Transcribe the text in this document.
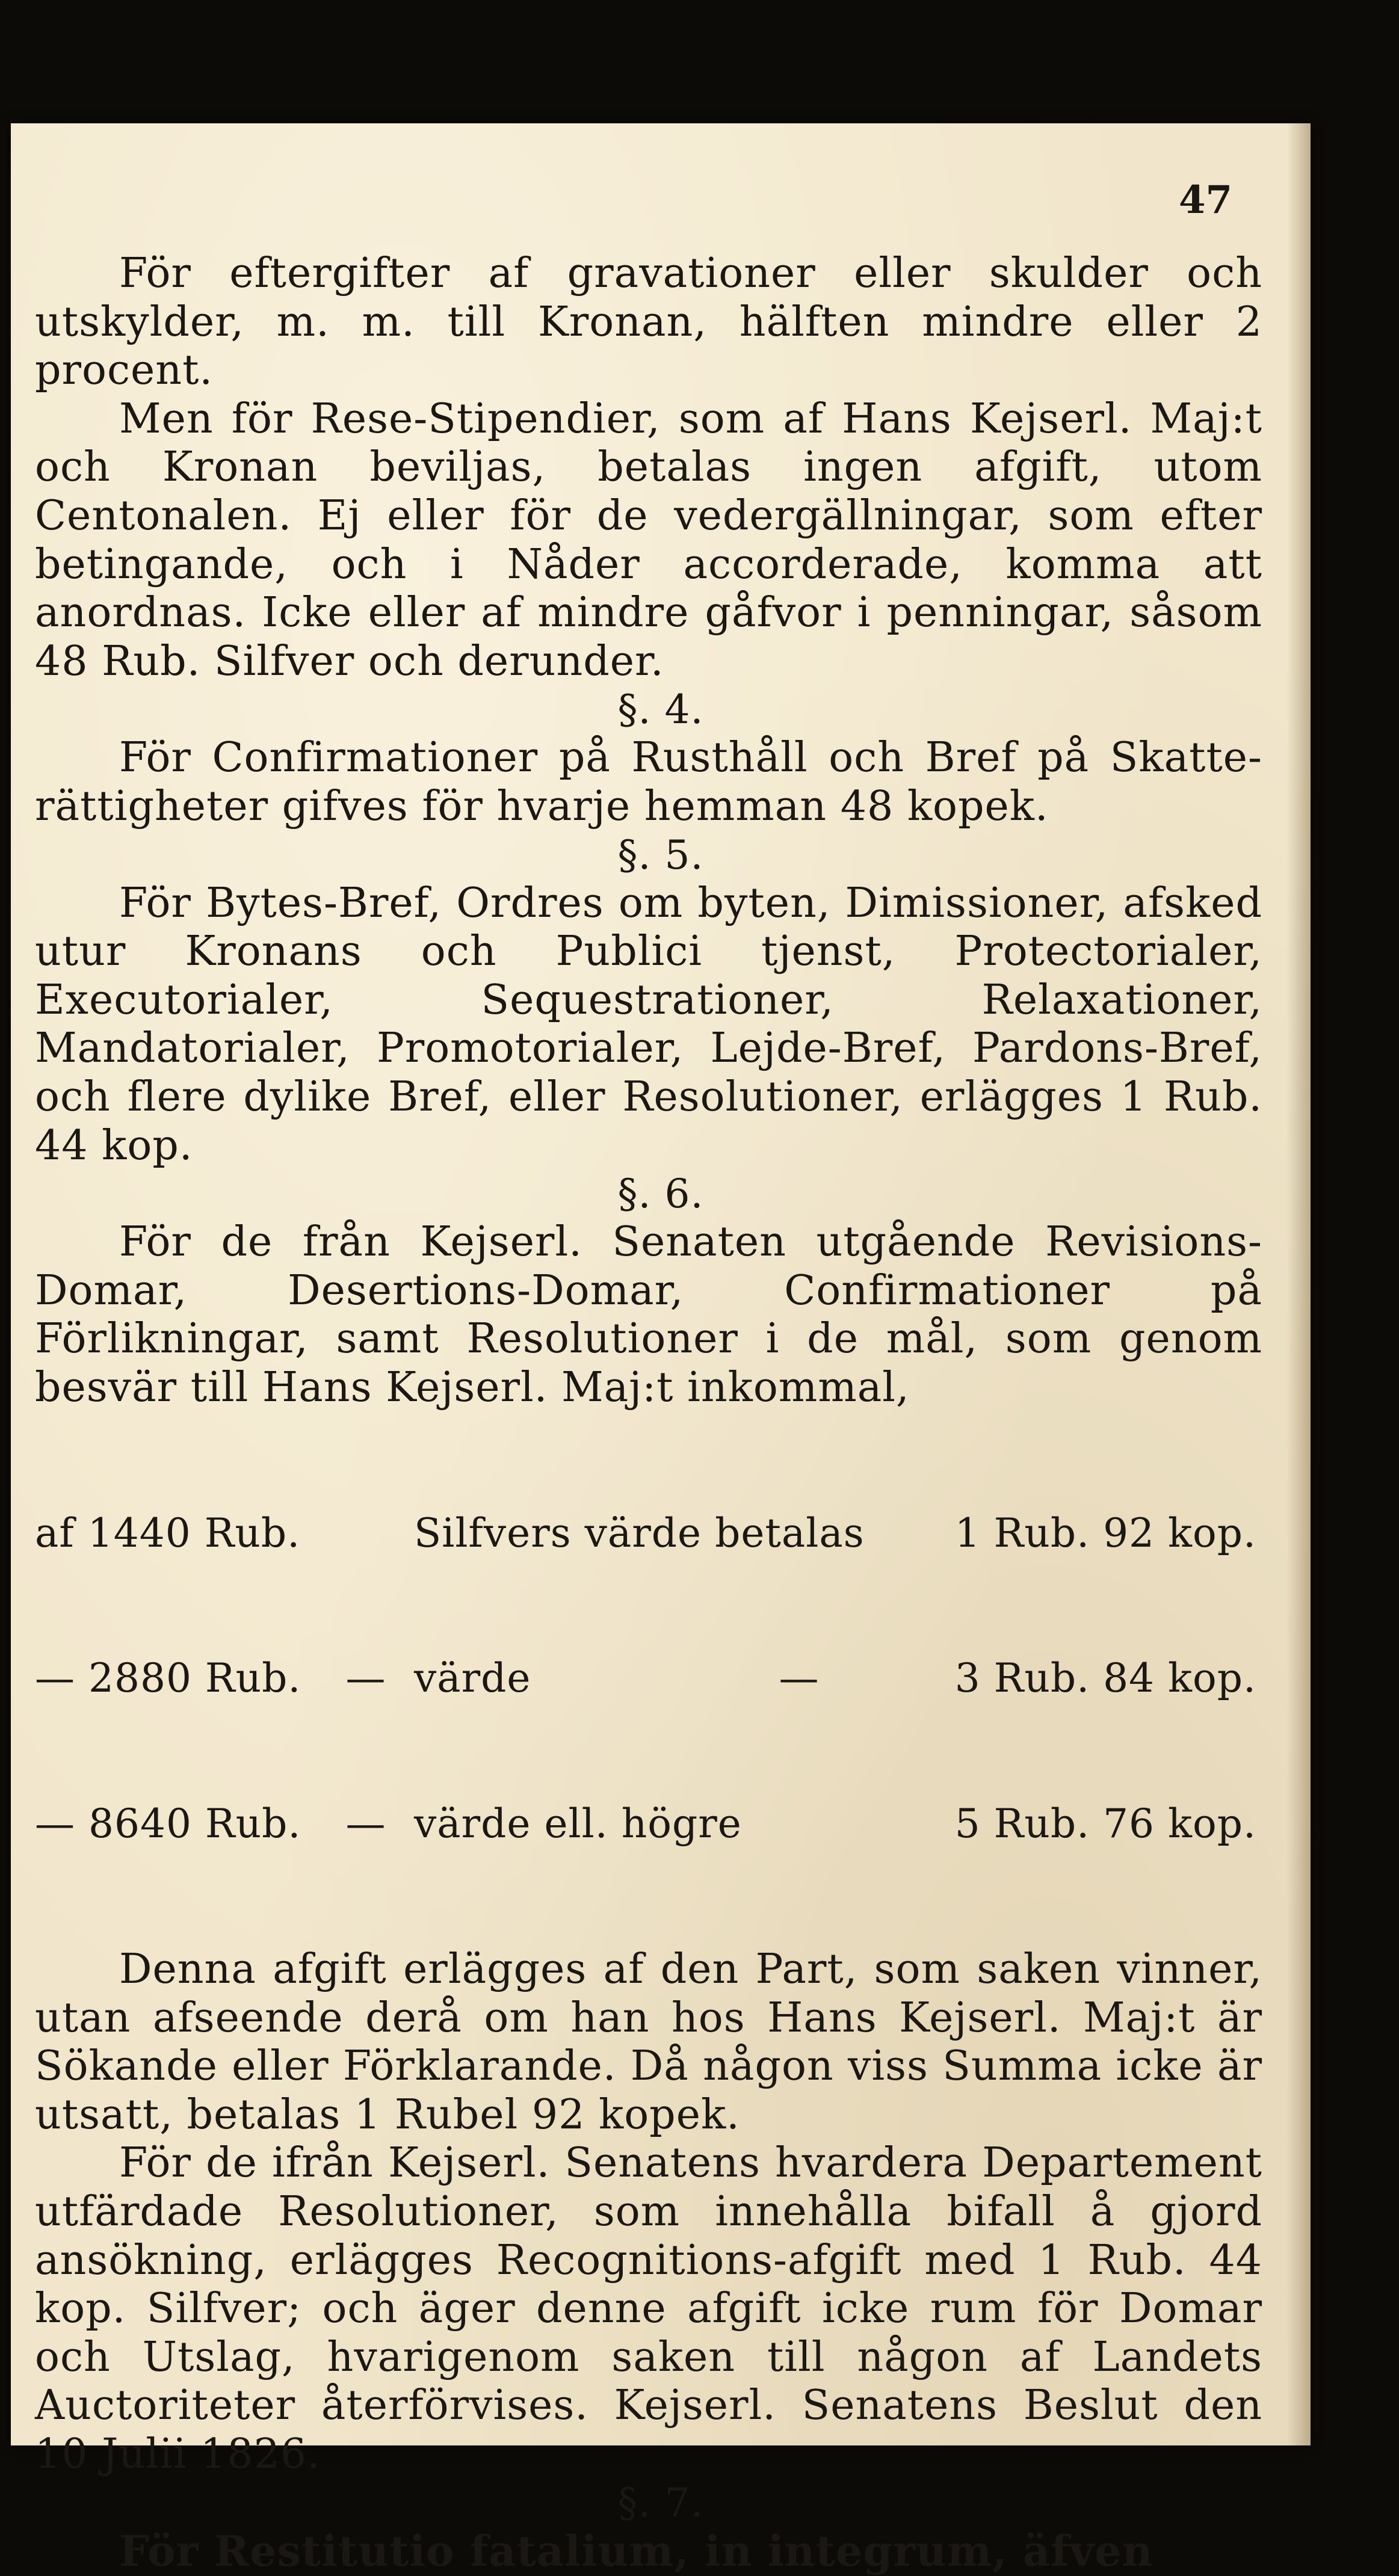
47

För eftergifter af gravationer eller skulder och utskylder, m. m. till Kronan, hälften mindre eller 2 procent.

Men för Rese-Stipendier, som af Hans Kejserl. Maj:t och Kronan beviljas, betalas ingen afgift, utom Centonalen. Ej eller för de vedergällningar, som efter betingande, och i Nåder accorderade, komma att anordnas. Icke eller af mindre gåfvor i penningar, såsom 48 Rub. Silfver och derunder.

§. 4.

För Confirmationer på Rusthåll och Bref på Skatte-rättigheter gifves för hvarje hemman 48 kopek.

§. 5.

För Bytes-Bref, Ordres om byten, Dimissioner, afsked utur Kronans och Publici tjenst, Protectorialer, Executorialer, Sequestrationer, Relaxationer, Mandatorialer, Promotorialer, Lejde-Bref, Pardons-Bref, och flere dylike Bref, eller Resolutioner, erlägges 1 Rub. 44 kop.

§. 6.

För de från Kejserl. Senaten utgående Revisions-Domar, Desertions-Domar, Confirmationer på Förlikningar, samt Resolutioner i de mål, som genom besvär till Hans Kejserl. Maj:t inkommal,

af 1440 Rub.	Silfvers värde betalas	1 Rub. 92 kop.

— 2880 Rub.	— värde	—	3 Rub. 84 kop.

— 8640 Rub.	— värde ell. högre	5 Rub. 76 kop.

Denna afgift erlägges af den Part, som saken vinner, utan afseende derå om han hos Hans Kejserl. Maj:t är Sökande eller Förklarande. Då någon viss Summa icke är utsatt, betalas 1 Rubel 92 kopek.

För de ifrån Kejserl. Senatens hvardera Departement utfärdade Resolutioner, som innehålla bifall å gjord ansökning, erlägges Recognitions-afgift med 1 Rub. 44 kop. Silfver; och äger denne afgift icke rum för Domar och Utslag, hvarigenom saken till någon af Landets Auctoriteter återförvises. Kejserl. Senatens Beslut den 10 Julii 1826.

§. 7.

För Restitutio fatalium, in integrum, äfven
